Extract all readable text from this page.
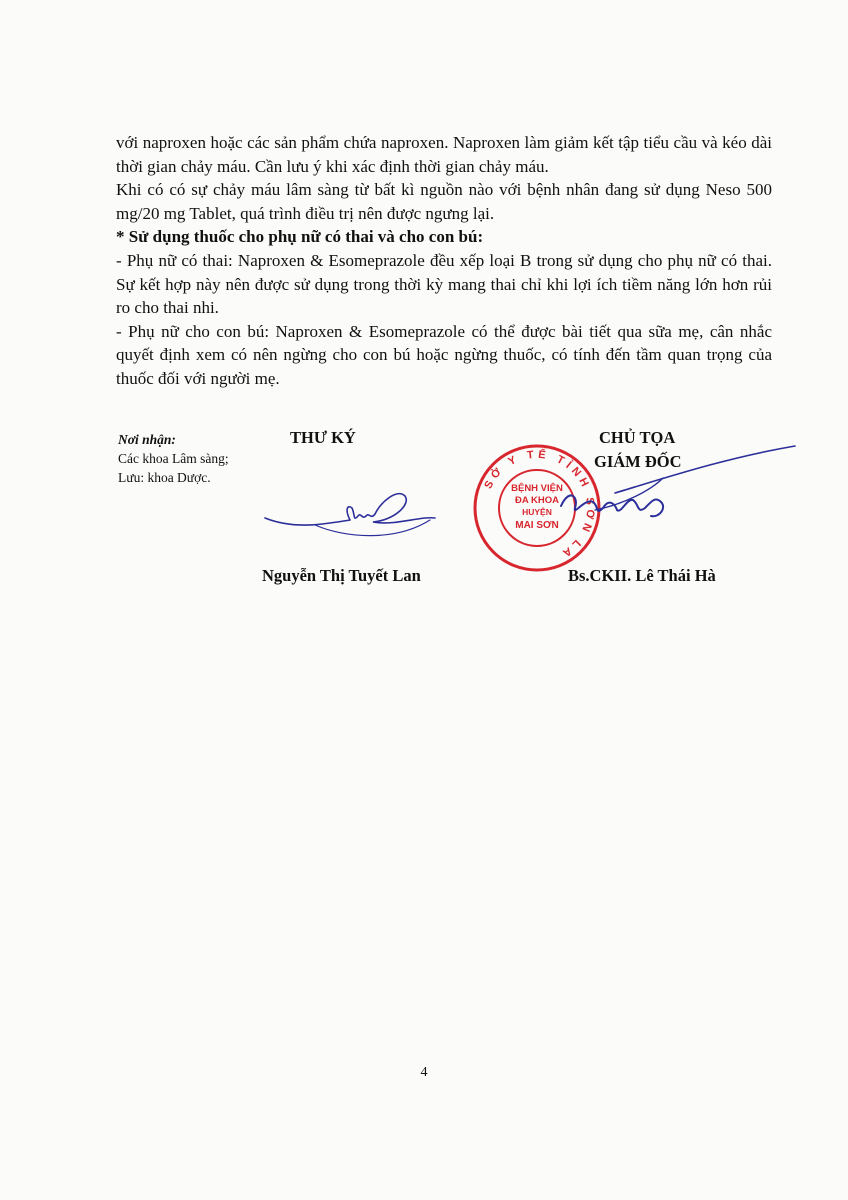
với naproxen hoặc các sản phẩm chứa naproxen. Naproxen làm giảm kết tập tiểu cầu và kéo dài thời gian chảy máu. Cần lưu ý khi xác định thời gian chảy máu.

Khi có có sự chảy máu lâm sàng từ bất kì nguồn nào với bệnh nhân đang sử dụng Neso 500 mg/20 mg Tablet, quá trình điều trị nên được ngưng lại.

* Sử dụng thuốc cho phụ nữ có thai và cho con bú:

- Phụ nữ có thai: Naproxen & Esomeprazole đều xếp loại B trong sử dụng cho phụ nữ có thai. Sự kết hợp này nên được sử dụng trong thời kỳ mang thai chỉ khi lợi ích tiềm năng lớn hơn rủi ro cho thai nhi.

- Phụ nữ cho con bú: Naproxen & Esomeprazole có thể được bài tiết qua sữa mẹ, cân nhắc quyết định xem có nên ngừng cho con bú hoặc ngừng thuốc, có tính đến tầm quan trọng của thuốc đối với người mẹ.

Nơi nhận:
Các khoa Lâm sàng;
Lưu: khoa Dược.
THƯ KÝ	CHỦ TỌA
GIÁM ĐỐC
SỞ Y TẾ TỈNH SƠN LA
BỆNH VIỆN
ĐA KHOA
HUYỆN
MAI SƠN
Nguyễn Thị Tuyết Lan	Bs.CKII. Lê Thái Hà
4
